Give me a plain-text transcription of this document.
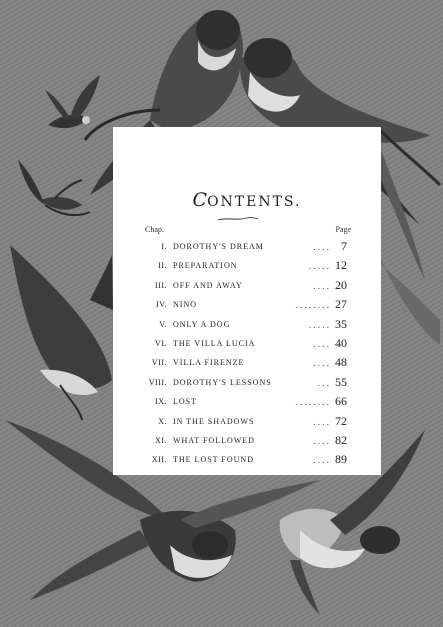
CONTENTS.
Chap.	Page
I. DOROTHY'S DREAM	. . . . 7
II. PREPARATION	. . . . . 12
III. OFF AND AWAY	. . . . 20
IV. NINO	. . . . . . . . 27
V. ONLY A DOG	. . . . . 35
VI. THE VILLA LUCIA	. . . . 40
VII. VILLA FIRENZE	. . . . 48
VIII. DOROTHY'S LESSONS	. . . 55
IX. LOST	. . . . . . . . 66
X. IN THE SHADOWS	. . . . 72
XI. WHAT FOLLOWED	. . . . 82
XII. THE LOST FOUND	. . . . 89
